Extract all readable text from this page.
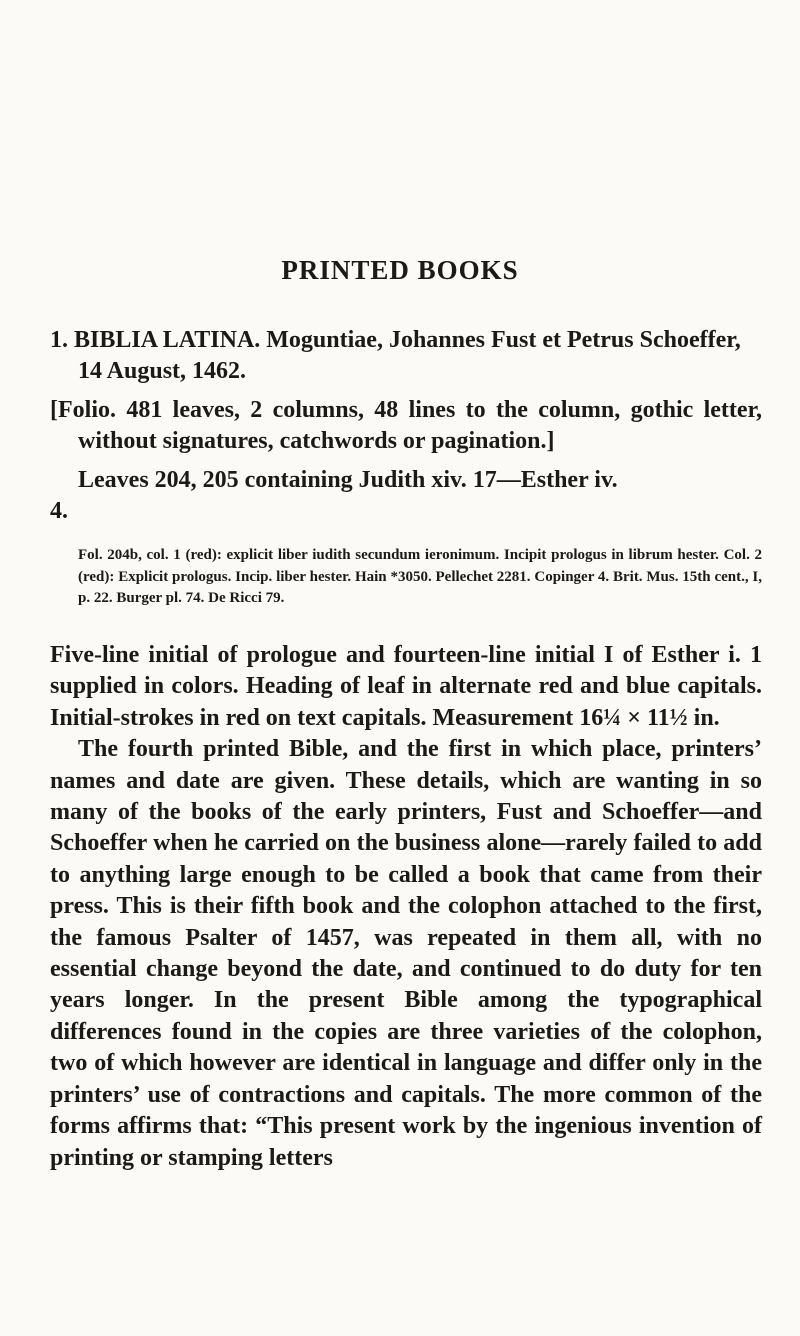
PRINTED BOOKS

1. BIBLIA LATINA. Moguntiae, Johannes Fust et Petrus Schoeffer, 14 August, 1462.

[Folio. 481 leaves, 2 columns, 48 lines to the column, gothic letter, without signatures, catchwords or pagination.]

Leaves 204, 205 containing Judith xiv. 17—Esther iv.

4.

Fol. 204b, col. 1 (red): explicit liber iudith secundum ieronimum. Incipit prologus in librum hester. Col. 2 (red): Explicit prologus. Incip. liber hester. Hain *3050. Pellechet 2281. Copinger 4. Brit. Mus. 15th cent., I, p. 22. Burger pl. 74. De Ricci 79.

Five-line initial of prologue and fourteen-line initial I of Esther i. 1 supplied in colors. Heading of leaf in alternate red and blue capitals. Initial-strokes in red on text capitals. Measurement 16¼ × 11½ in.

The fourth printed Bible, and the first in which place, printers’ names and date are given. These details, which are wanting in so many of the books of the early printers, Fust and Schoeffer—and Schoeffer when he carried on the business alone—rarely failed to add to anything large enough to be called a book that came from their press. This is their fifth book and the colophon attached to the first, the famous Psalter of 1457, was repeated in them all, with no essential change beyond the date, and continued to do duty for ten years longer. In the present Bible among the typographical differences found in the copies are three varieties of the colophon, two of which however are identical in language and differ only in the printers’ use of contractions and capitals. The more common of the forms affirms that: “This present work by the ingenious invention of printing or stamping letters
